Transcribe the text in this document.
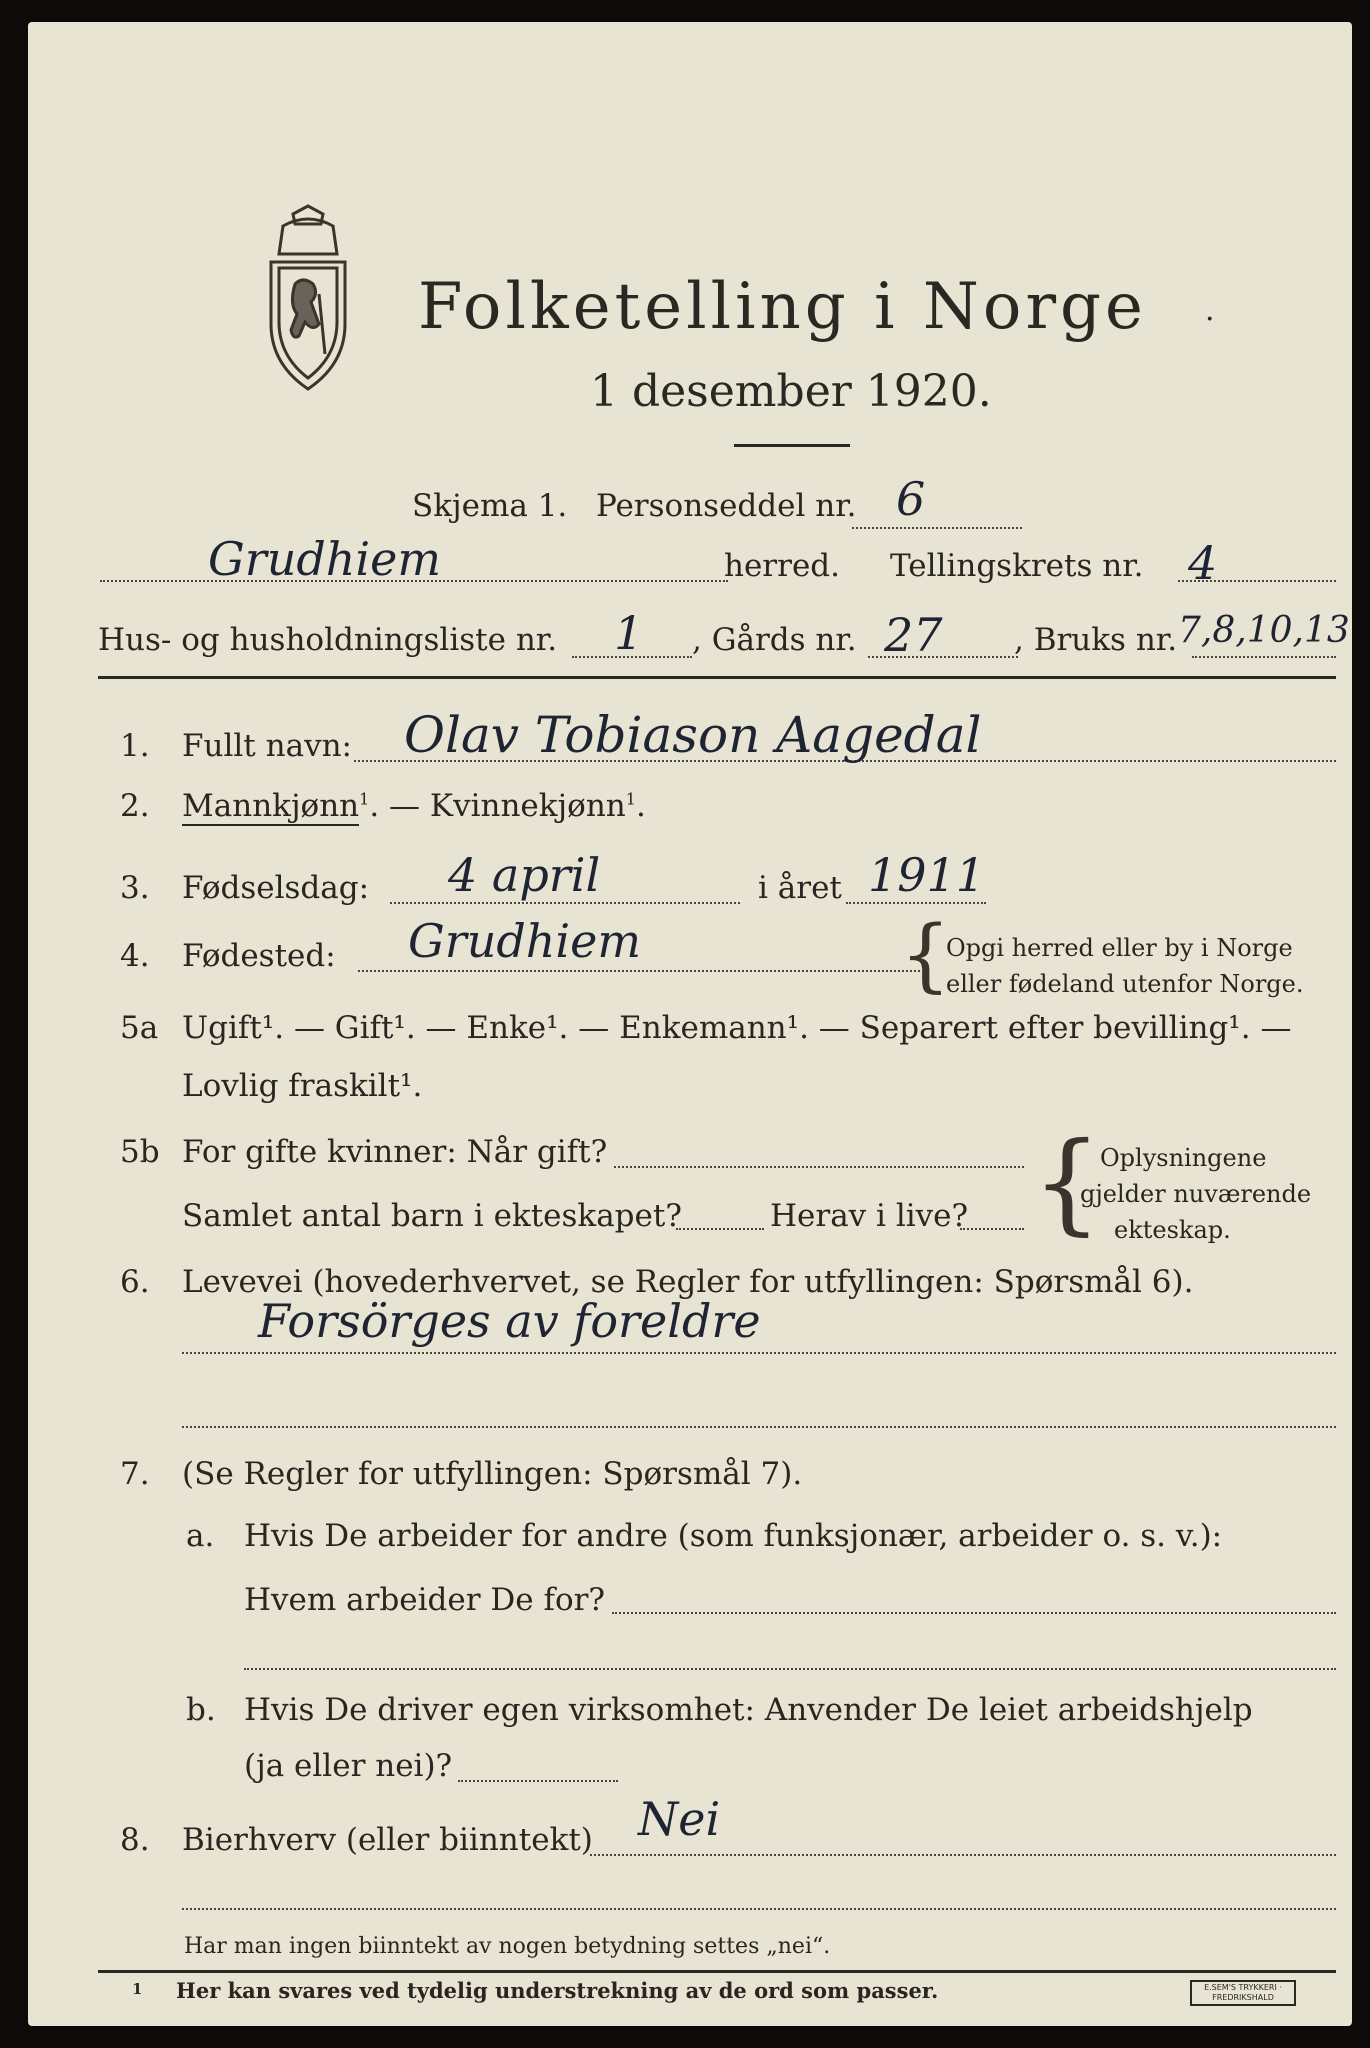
Folketelling i Norge ·
1 desember 1920.
Skjema 1. Personseddel nr. 6
Grudhiem	herred. Tellingskrets nr. 4
Hus- og husholdningsliste nr. 1 , Gårds nr. 27 , Bruks nr. 7,8,10,13
1. Fullt navn: Olav Tobiason Aagedal
2. Mannkjønn$^1$. — Kvinnekjønn$^1$.
3. Fødselsdag: 4 april	i året 1911
4. Fødested: Grudhiem	{
Opgi herred eller by i Norge
eller fødeland utenfor Norge.
5a Ugift¹. — Gift¹. — Enke¹. — Enkemann¹. — Separert efter bevilling¹. —
Lovlig fraskilt¹.
5b For gifte kvinner: Når gift?
Samlet antal barn i ekteskapet?	Herav i live? {
Oplysningene
gjelder nuværende
ekteskap.
6. Levevei (hovederhvervet, se Regler for utfyllingen: Spørsmål 6).
Forsörges av foreldre
7. (Se Regler for utfyllingen: Spørsmål 7).
a. Hvis De arbeider for andre (som funksjonær, arbeider o. s. v.):
Hvem arbeider De for?
b. Hvis De driver egen virksomhet: Anvender De leiet arbeidshjelp
(ja eller nei)?
8. Bierhverv (eller biinntekt) Nei
Har man ingen biinntekt av nogen betydning settes „nei“.
1 Her kan svares ved tydelig understrekning av de ord som passer.	E.SEM'S TRYKKERI · FREDRIKSHALD
